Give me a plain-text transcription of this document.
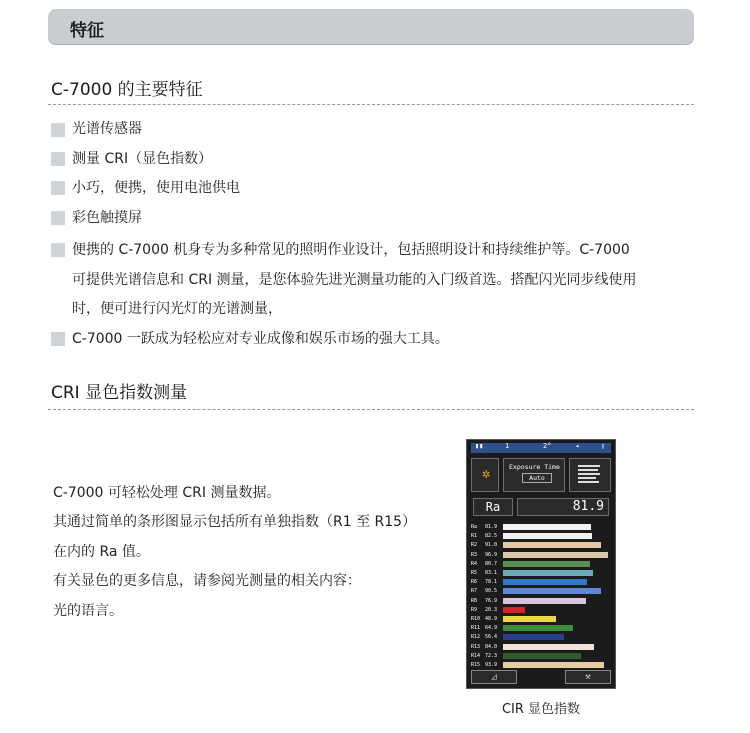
特征
C-7000 的主要特征
光谱传感器
测量 CRI（显色指数）
小巧，便携，使用电池供电
彩色触摸屏
便携的 C-7000 机身专为多种常见的照明作业设计，包括照明设计和持续维护等。C-7000
可提供光谱信息和 CRI 测量，是您体验先进光测量功能的入门级首选。搭配闪光同步线使用
时，便可进行闪光灯的光谱测量，
C-7000 一跃成为轻松应对专业成像和娱乐市场的强大工具。
CRI 显色指数测量
C-7000 可轻松处理 CRI 测量数据。
其通过简单的条形图显示包括所有单独指数（R1 至 R15）
在内的 Ra 值。
有关显色的更多信息，请参阅光测量的相关内容：
光的语言。
▮▮	1	2°	◂	▯
✲	Exposure Time
Auto
Ra	81.9
Ra 81.9
R1 82.5
R2 91.0
R3 96.9
R4 80.7
R5 83.1
R6 78.1
R7 90.5
R8 76.9
R9 20.3
R10 48.9
R11 64.9
R12 56.4
R13 84.0
R14 72.3
R15 93.9
◿	⚒
CIR 显色指数
